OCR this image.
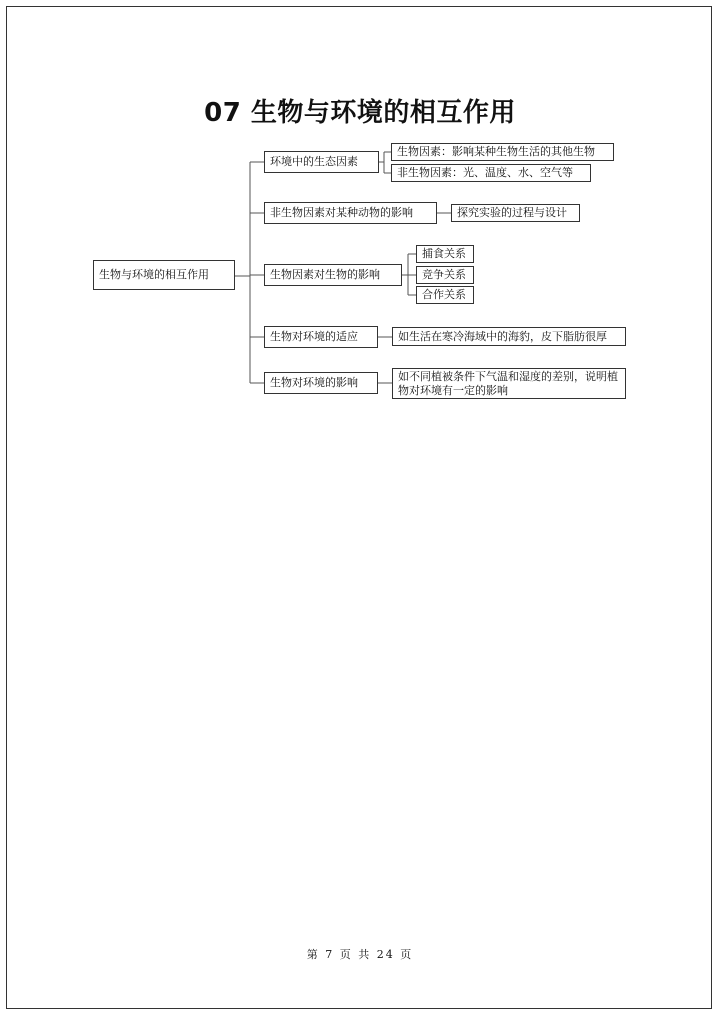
07 生物与环境的相互作用
生物与环境的相互作用
环境中的生态因素
生物因素：影响某种生物生活的其他生物
非生物因素：光、温度、水、空气等
非生物因素对某种动物的影响	探究实验的过程与设计
生物因素对生物的影响
捕食关系
竞争关系
合作关系
生物对环境的适应	如生活在寒冷海域中的海豹，皮下脂肪很厚
生物对环境的影响	如不同植被条件下气温和湿度的差别，说明植物对环境有一定的影响
第 7 页 共 24 页
